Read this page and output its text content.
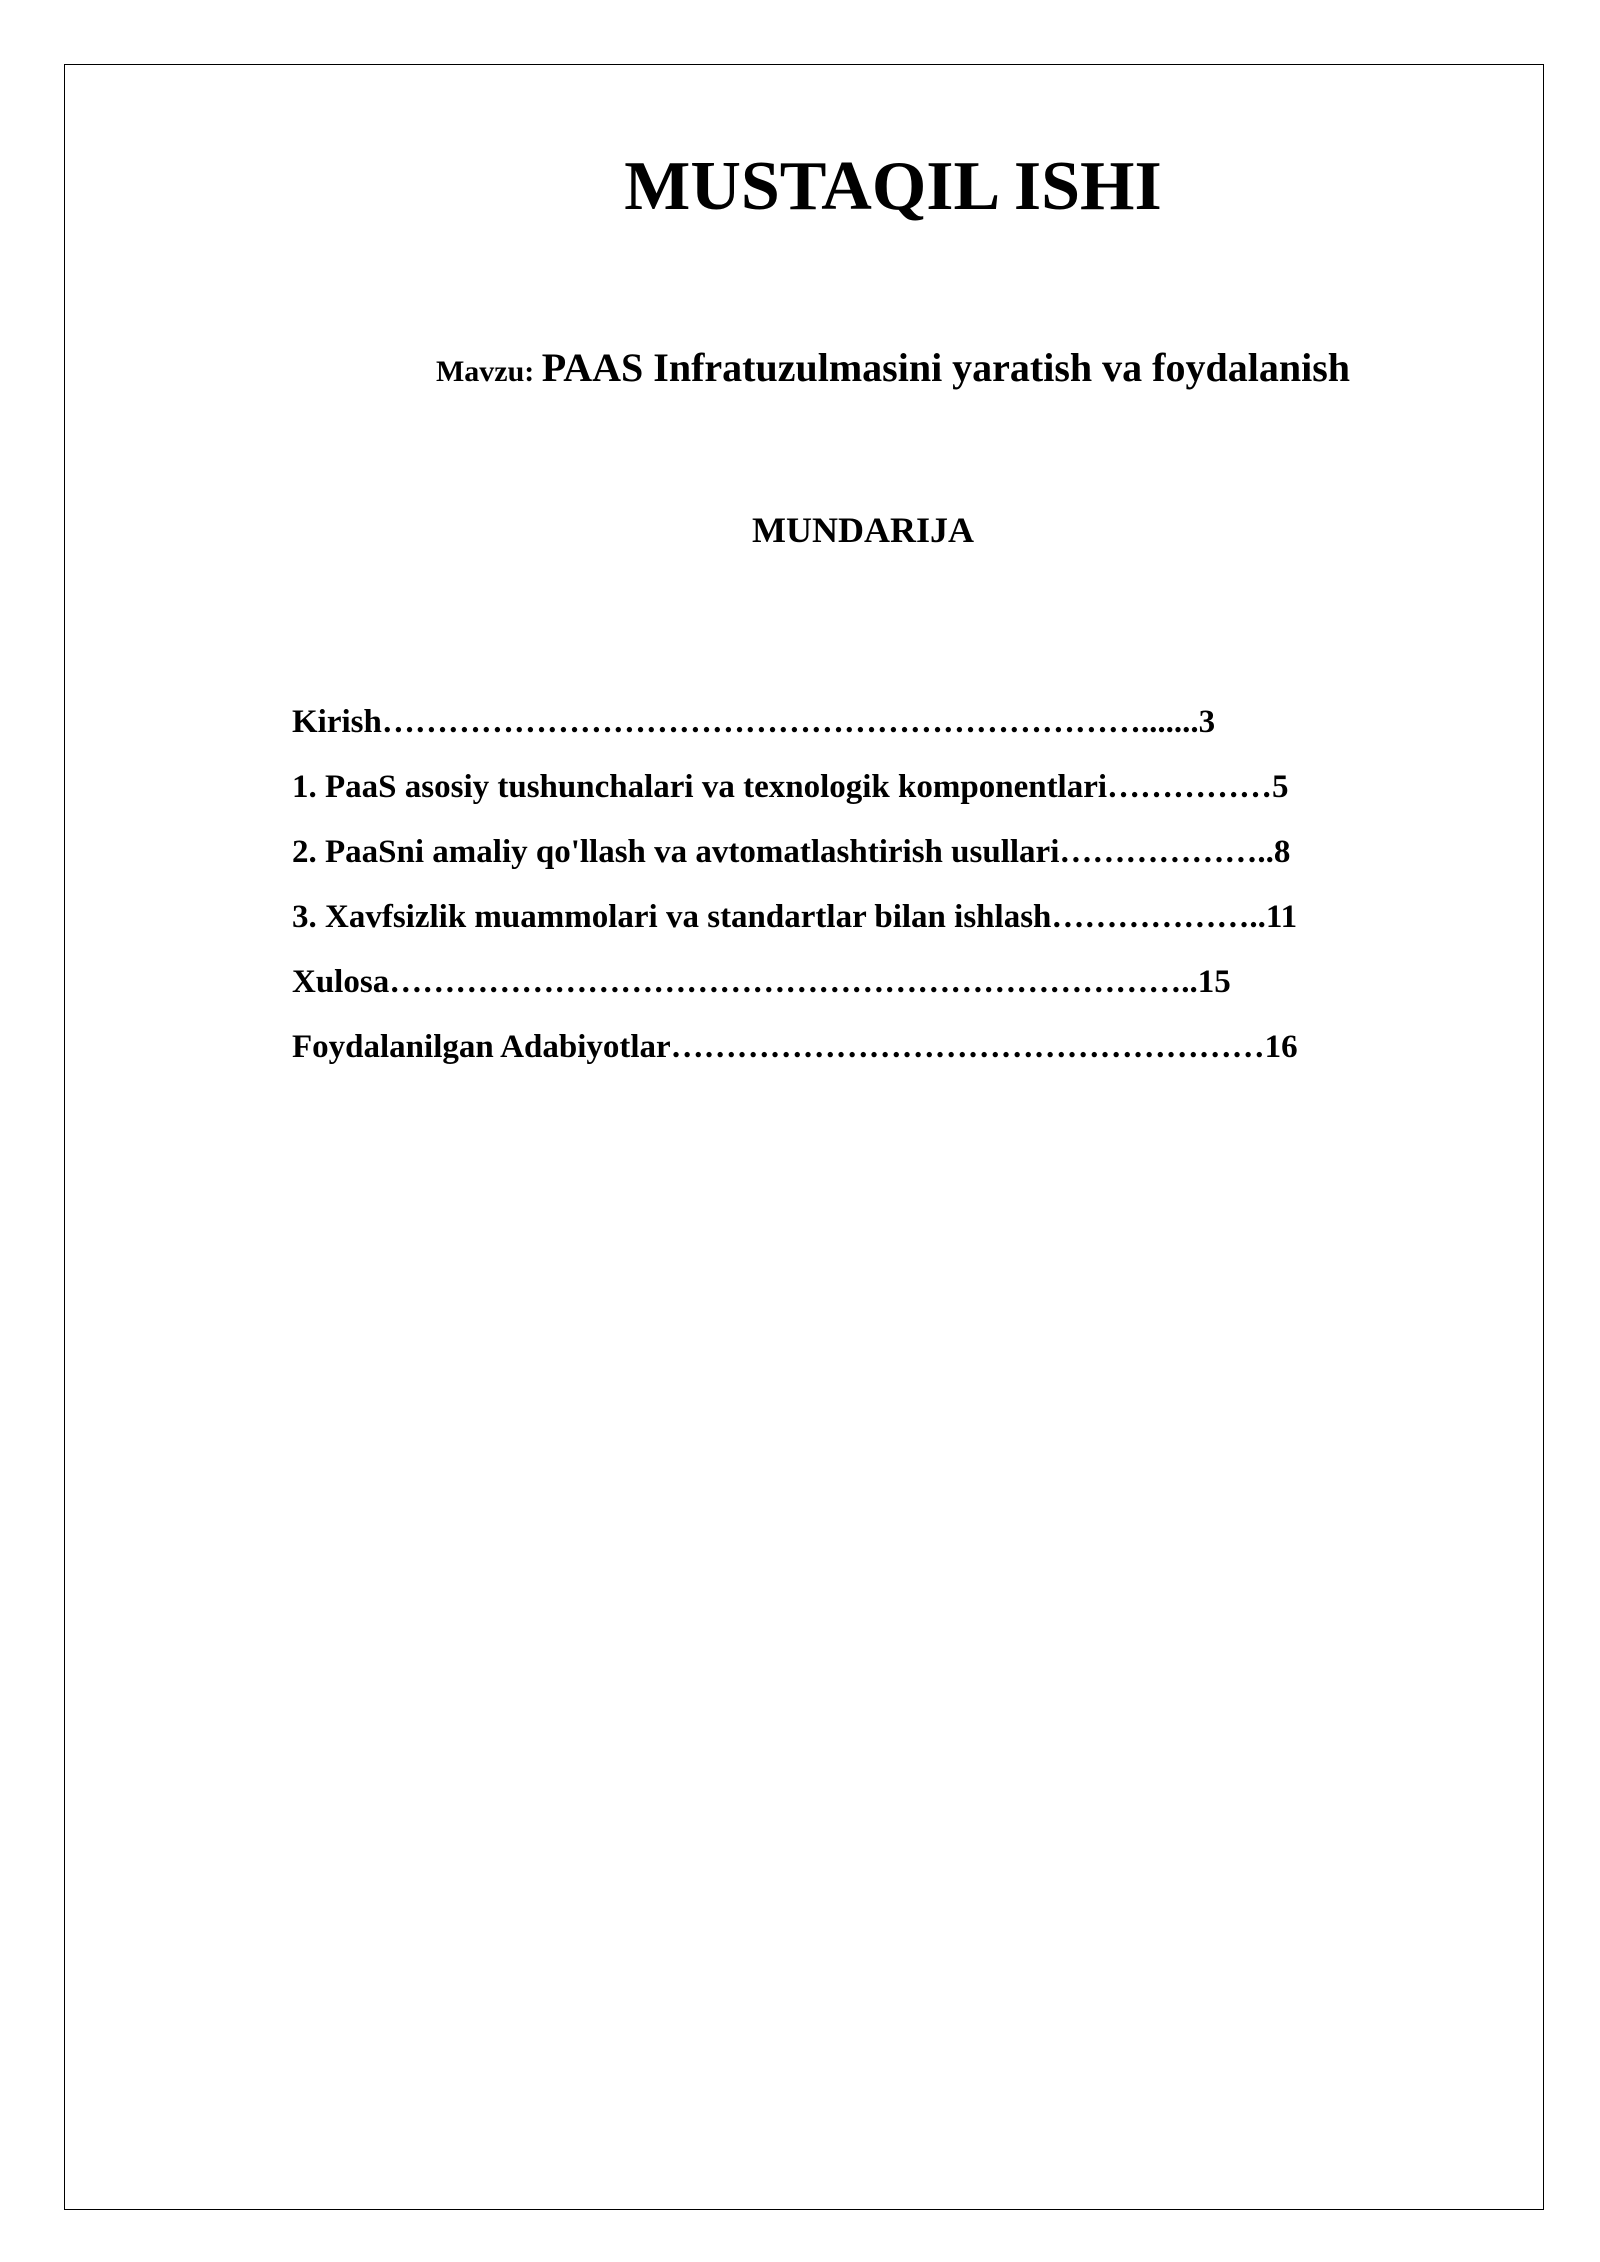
MUSTAQIL ISHI

Mavzu: PAAS Infratuzulmasini yaratish va foydalanish

MUNDARIJA
Kirish…………………………………………………………….......3
1. PaaS asosiy tushunchalari va texnologik komponentlari……………5
2. PaaSni amaliy qo'llash va avtomatlashtirish usullari………………..8
3. Xavfsizlik muammolari va standartlar bilan ishlash………………..11
Xulosa………………………………………………………………..15
Foydalanilgan Adabiyotlar………………………………………………16
